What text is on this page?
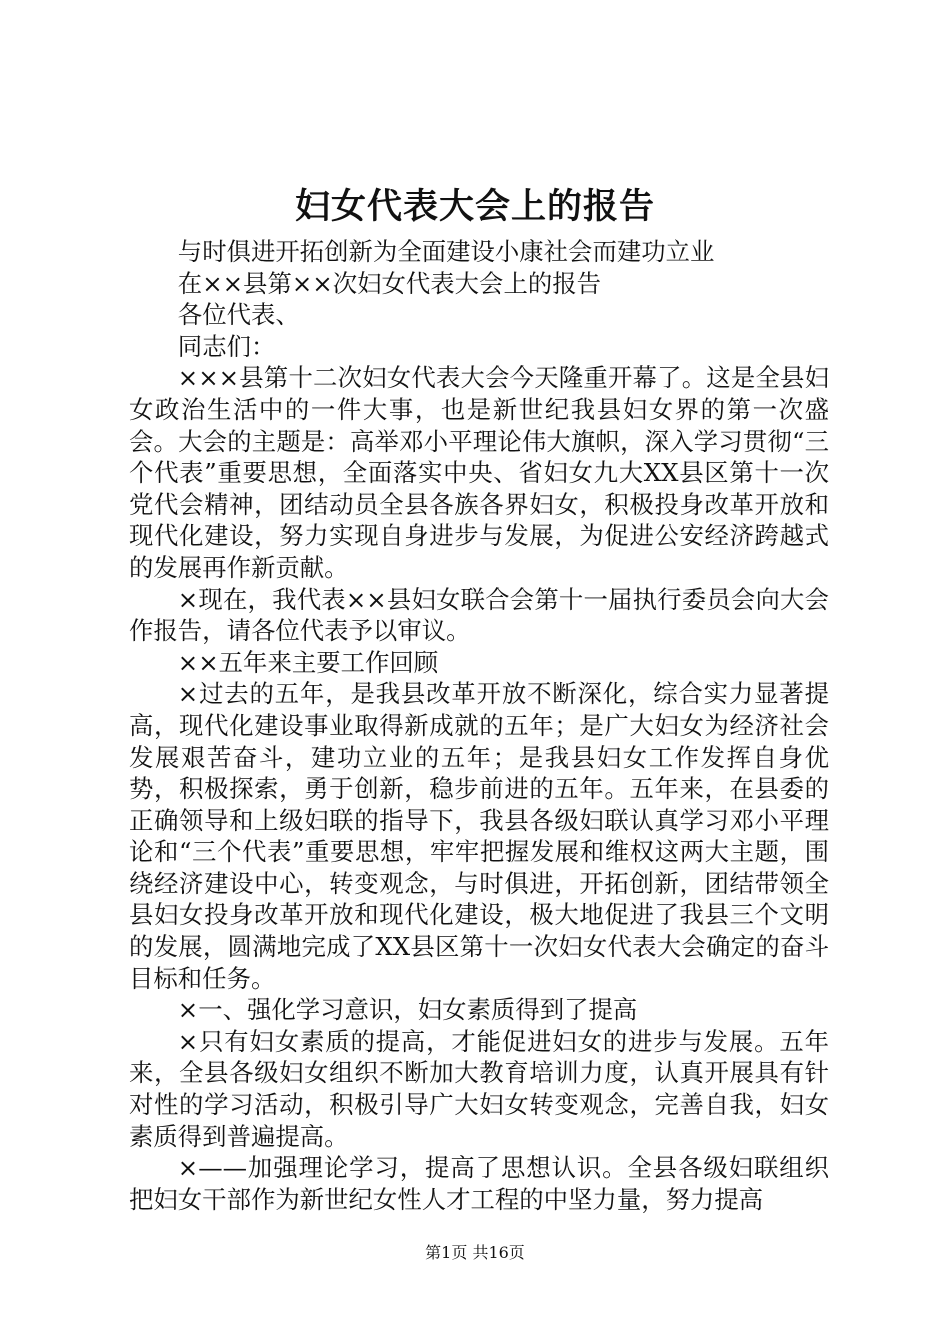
妇女代表大会上的报告

与时俱进开拓创新为全面建设小康社会而建功立业

在××县第××次妇女代表大会上的报告

各位代表、

同志们：

×××县第十二次妇女代表大会今天隆重开幕了。这是全县妇女政治生活中的一件大事，也是新世纪我县妇女界的第一次盛会。大会的主题是：高举邓小平理论伟大旗帜，深入学习贯彻“三个代表”重要思想，全面落实中央、省妇女九大XX县区第十一次党代会精神，团结动员全县各族各界妇女，积极投身改革开放和现代化建设，努力实现自身进步与发展，为促进公安经济跨越式的发展再作新贡献。

×现在，我代表××县妇女联合会第十一届执行委员会向大会作报告，请各位代表予以审议。

××五年来主要工作回顾

×过去的五年，是我县改革开放不断深化，综合实力显著提高，现代化建设事业取得新成就的五年；是广大妇女为经济社会发展艰苦奋斗，建功立业的五年；是我县妇女工作发挥自身优势，积极探索，勇于创新，稳步前进的五年。五年来，在县委的正确领导和上级妇联的指导下，我县各级妇联认真学习邓小平理论和“三个代表”重要思想，牢牢把握发展和维权这两大主题，围绕经济建设中心，转变观念，与时俱进，开拓创新，团结带领全县妇女投身改革开放和现代化建设，极大地促进了我县三个文明的发展，圆满地完成了XX县区第十一次妇女代表大会确定的奋斗目标和任务。

×一、强化学习意识，妇女素质得到了提高

×只有妇女素质的提高，才能促进妇女的进步与发展。五年来，全县各级妇女组织不断加大教育培训力度，认真开展具有针对性的学习活动，积极引导广大妇女转变观念，完善自我，妇女素质得到普遍提高。

×——加强理论学习，提高了思想认识。全县各级妇联组织把妇女干部作为新世纪女性人才工程的中坚力量，努力提高

第1页 共16页
